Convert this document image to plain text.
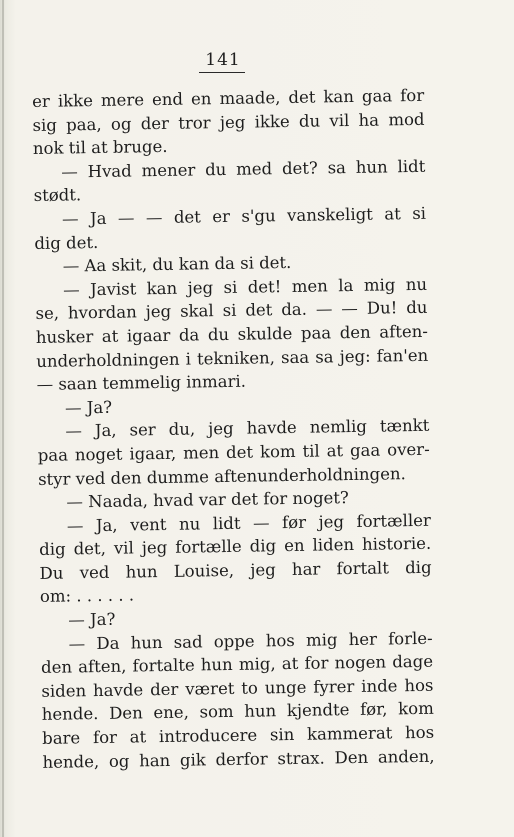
141
er ikke mere end en maade, det kan gaa for
sig paa, og der tror jeg ikke du vil ha mod
nok til at bruge.
— Hvad mener du med det? sa hun lidt
stødt.
— Ja — — det er s'gu vanskeligt at si
dig det.
— Aa skit, du kan da si det.
— Javist kan jeg si det! men la mig nu
se, hvordan jeg skal si det da. — — Du! du
husker at igaar da du skulde paa den aften-
underholdningen i tekniken, saa sa jeg: fan'en
— saan temmelig inmari.
— Ja?
— Ja, ser du, jeg havde nemlig tænkt
paa noget igaar, men det kom til at gaa over-
styr ved den dumme aftenunderholdningen.
— Naada, hvad var det for noget?
— Ja, vent nu lidt — før jeg fortæller
dig det, vil jeg fortælle dig en liden historie.
Du ved hun Louise, jeg har fortalt dig
om: . . . . . .
— Ja?
— Da hun sad oppe hos mig her forle-
den aften, fortalte hun mig, at for nogen dage
siden havde der været to unge fyrer inde hos
hende. Den ene, som hun kjendte før, kom
bare for at introducere sin kammerat hos
hende, og han gik derfor strax. Den anden,
